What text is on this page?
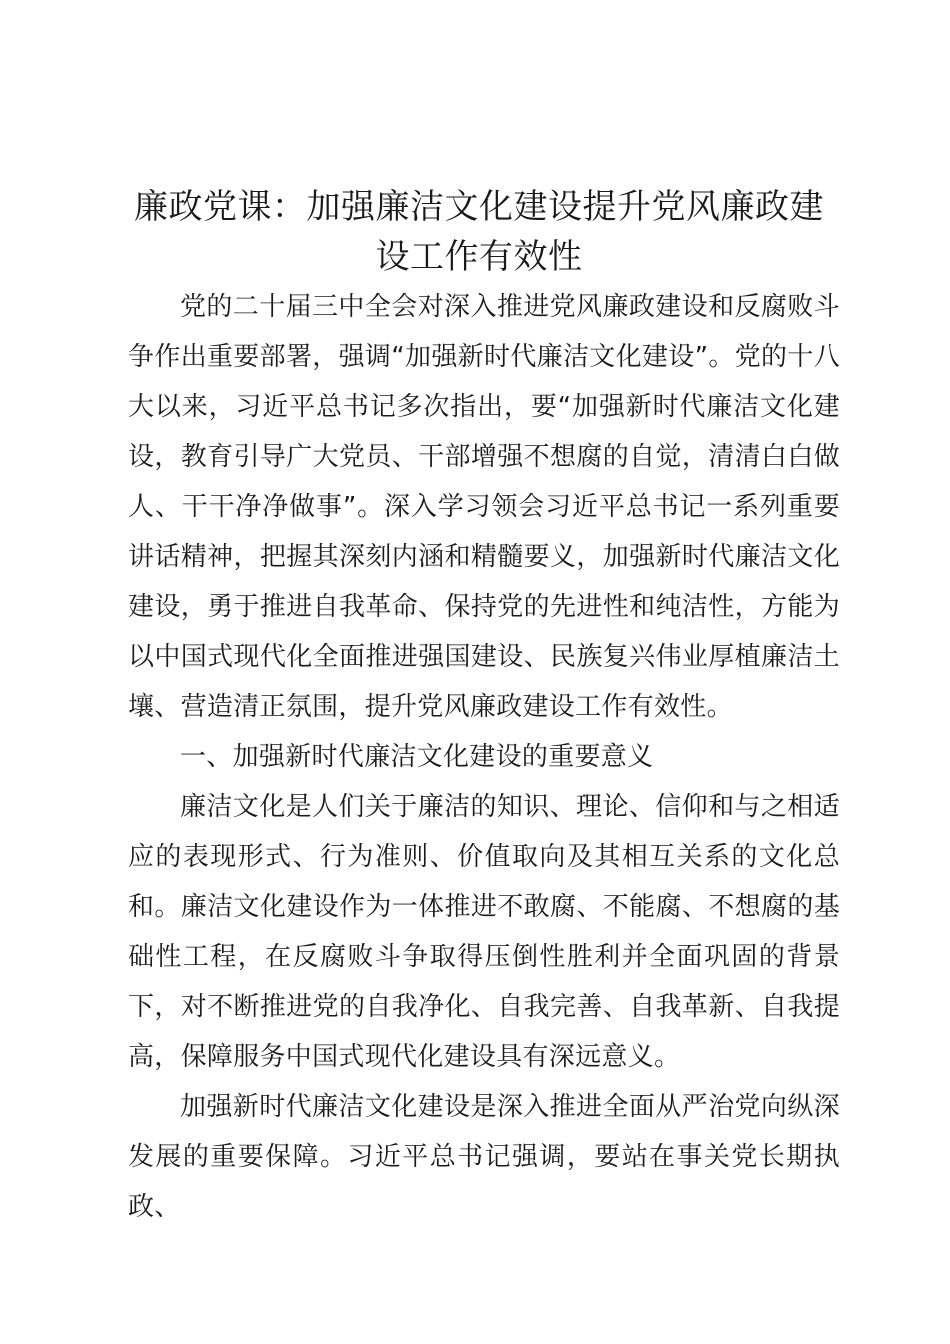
廉政党课：加强廉洁文化建设提升党风廉政建设工作有效性

党的二十届三中全会对深入推进党风廉政建设和反腐败斗争作出重要部署，强调“加强新时代廉洁文化建设”。党的十八大以来，习近平总书记多次指出，要“加强新时代廉洁文化建设，教育引导广大党员、干部增强不想腐的自觉，清清白白做人、干干净净做事”。深入学习领会习近平总书记一系列重要讲话精神，把握其深刻内涵和精髓要义，加强新时代廉洁文化建设，勇于推进自我革命、保持党的先进性和纯洁性，方能为以中国式现代化全面推进强国建设、民族复兴伟业厚植廉洁土壤、营造清正氛围，提升党风廉政建设工作有效性。

一、加强新时代廉洁文化建设的重要意义

廉洁文化是人们关于廉洁的知识、理论、信仰和与之相适应的表现形式、行为准则、价值取向及其相互关系的文化总和。廉洁文化建设作为一体推进不敢腐、不能腐、不想腐的基础性工程，在反腐败斗争取得压倒性胜利并全面巩固的背景下，对不断推进党的自我净化、自我完善、自我革新、自我提高，保障服务中国式现代化建设具有深远意义。

加强新时代廉洁文化建设是深入推进全面从严治党向纵深发展的重要保障。习近平总书记强调，要站在事关党长期执政、
